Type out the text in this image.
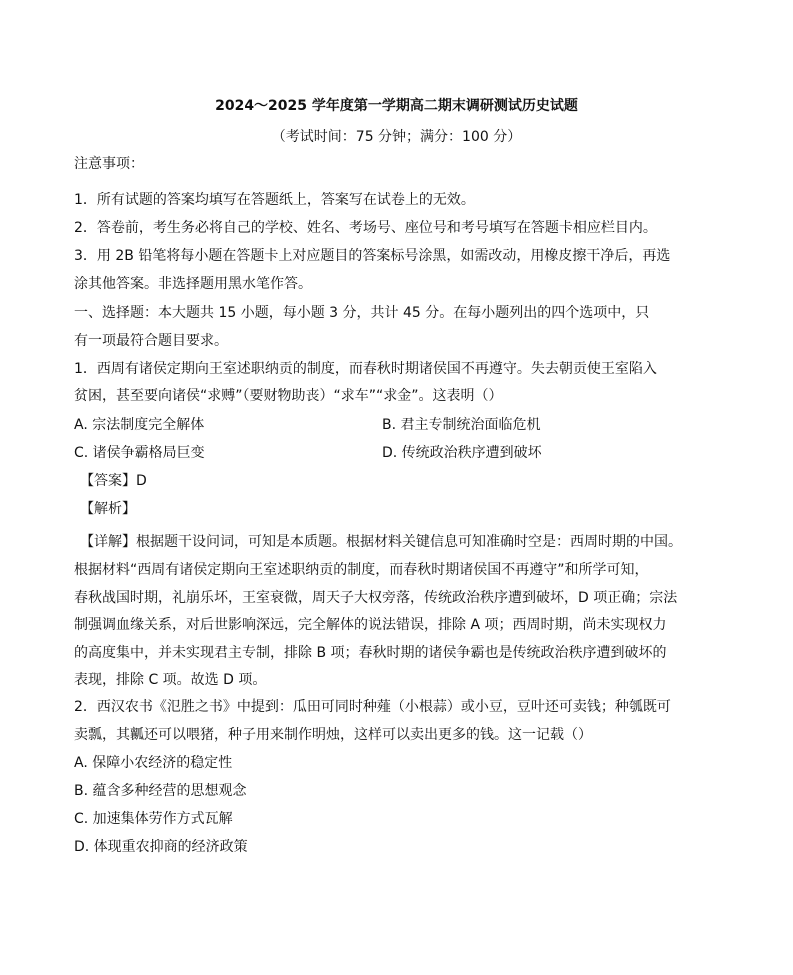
2024～2025 学年度第一学期高二期末调研测试历史试题
（考试时间：75 分钟；满分：100 分）
注意事项：
1．所有试题的答案均填写在答题纸上，答案写在试卷上的无效。
2．答卷前，考生务必将自己的学校、姓名、考场号、座位号和考号填写在答题卡相应栏目内。
3．用 2B 铅笔将每小题在答题卡上对应题目的答案标号涂黑，如需改动，用橡皮擦干净后，再选
涂其他答案。非选择题用黑水笔作答。
一、选择题：本大题共 15 小题，每小题 3 分，共计 45 分。在每小题列出的四个选项中，只
有一项最符合题目要求。
1．西周有诸侯定期向王室述职纳贡的制度，而春秋时期诸侯国不再遵守。失去朝贡使王室陷入
贫困，甚至要向诸侯“求赙”（要财物助丧）“求车”“求金”。这表明（）
A. 宗法制度完全解体	B. 君主专制统治面临危机
C. 诸侯争霸格局巨变	D. 传统政治秩序遭到破坏
【答案】D
【解析】
【详解】根据题干设问词，可知是本质题。根据材料关键信息可知准确时空是：西周时期的中国。
根据材料“西周有诸侯定期向王室述职纳贡的制度，而春秋时期诸侯国不再遵守”和所学可知，
春秋战国时期，礼崩乐坏，王室衰微，周天子大权旁落，传统政治秩序遭到破坏，D 项正确；宗法
制强调血缘关系，对后世影响深远，完全解体的说法错误，排除 A 项；西周时期，尚未实现权力
的高度集中，并未实现君主专制，排除 B 项；春秋时期的诸侯争霸也是传统政治秩序遭到破坏的
表现，排除 C 项。故选 D 项。
2．西汉农书《氾胜之书》中提到：瓜田可同时种薤（小根蒜）或小豆，豆叶还可卖钱；种瓠既可
卖瓢，其瓤还可以喂猪，种子用来制作明烛，这样可以卖出更多的钱。这一记载（）
A. 保障小农经济的稳定性
B. 蕴含多种经营的思想观念
C. 加速集体劳作方式瓦解
D. 体现重农抑商的经济政策
